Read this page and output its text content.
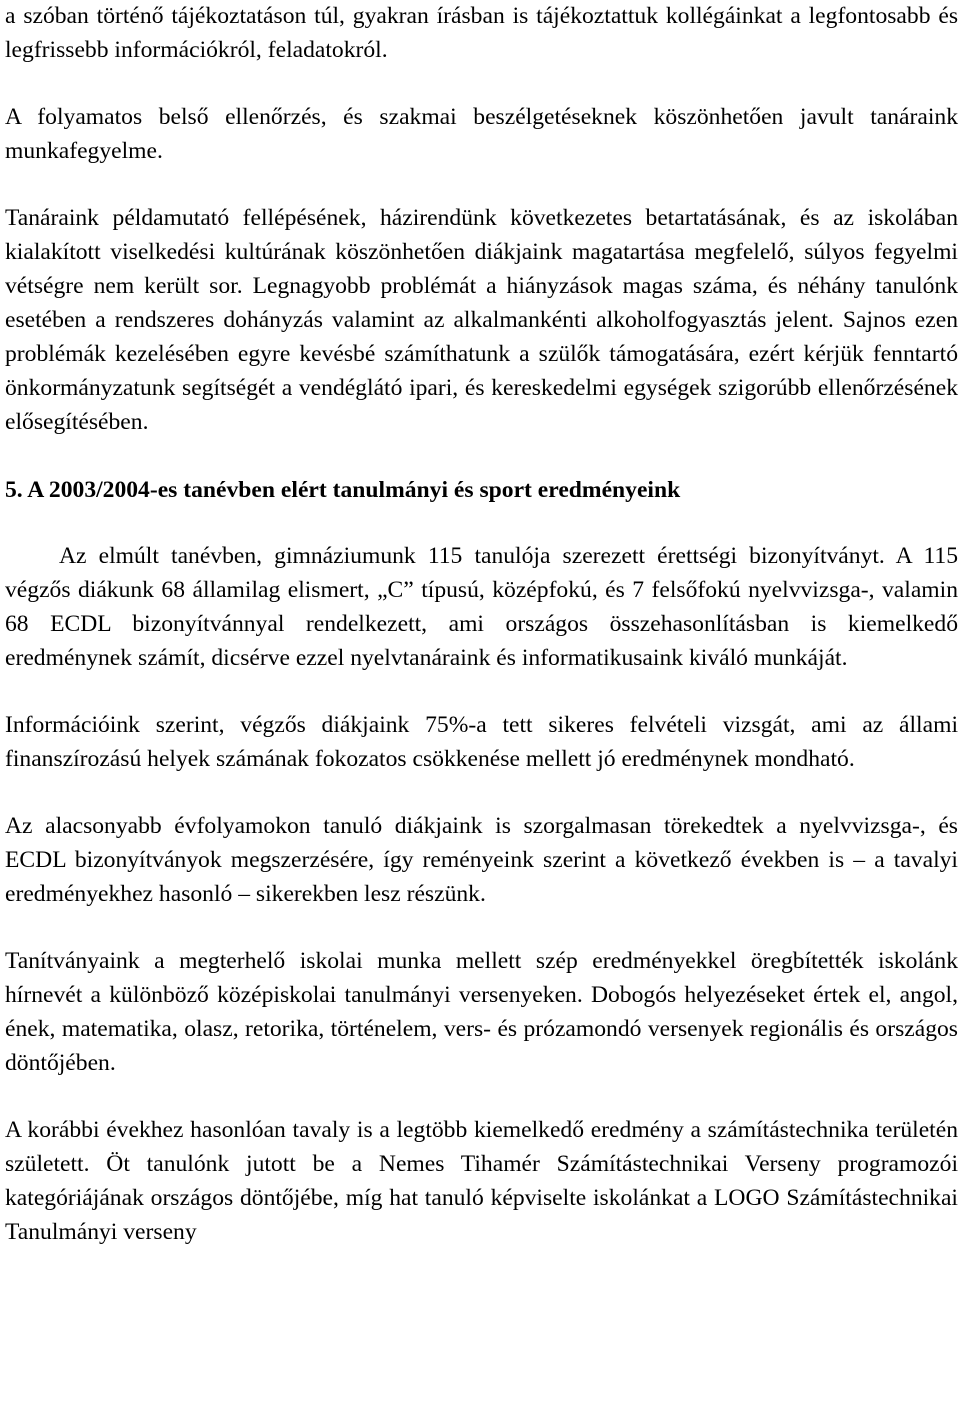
a szóban történő tájékoztatáson túl, gyakran írásban is tájékoztattuk kollégáinkat a legfontosabb és legfrissebb információkról, feladatokról.

A folyamatos belső ellenőrzés, és szakmai beszélgetéseknek köszönhetően javult tanáraink munkafegyelme.

Tanáraink példamutató fellépésének, házirendünk következetes betartatásának, és az iskolában kialakított viselkedési kultúrának köszönhetően diákjaink magatartása megfelelő, súlyos fegyelmi vétségre nem került sor. Legnagyobb problémát a hiányzások magas száma, és néhány tanulónk esetében a rendszeres dohányzás valamint az alkalmankénti alkoholfogyasztás jelent. Sajnos ezen problémák kezelésében egyre kevésbé számíthatunk a szülők támogatására, ezért kérjük fenntartó önkormányzatunk segítségét a vendéglátó ipari, és kereskedelmi egységek szigorúbb ellenőrzésének elősegítésében.

5. A 2003/2004-es tanévben elért tanulmányi és sport eredményeink

Az elmúlt tanévben, gimnáziumunk 115 tanulója szerezett érettségi bizonyítványt. A 115 végzős diákunk 68 államilag elismert, „C” típusú, középfokú, és 7 felsőfokú nyelvvizsga-, valamin 68 ECDL bizonyítvánnyal rendelkezett, ami országos összehasonlításban is kiemelkedő eredménynek számít, dicsérve ezzel nyelvtanáraink és informatikusaink kiváló munkáját.

Információink szerint, végzős diákjaink 75%-a tett sikeres felvételi vizsgát, ami az állami finanszírozású helyek számának fokozatos csökkenése mellett jó eredménynek mondható.

Az alacsonyabb évfolyamokon tanuló diákjaink is szorgalmasan törekedtek a nyelvvizsga-, és ECDL bizonyítványok megszerzésére, így reményeink szerint a következő években is – a tavalyi eredményekhez hasonló – sikerekben lesz részünk.

Tanítványaink a megterhelő iskolai munka mellett szép eredményekkel öregbítették iskolánk hírnevét a különböző középiskolai tanulmányi versenyeken. Dobogós helyezéseket értek el, angol, ének, matematika, olasz, retorika, történelem, vers- és prózamondó versenyek regionális és országos döntőjében.

A korábbi évekhez hasonlóan tavaly is a legtöbb kiemelkedő eredmény a számítástechnika területén született. Öt tanulónk jutott be a Nemes Tihamér Számítástechnikai Verseny programozói kategóriájának országos döntőjébe, míg hat tanuló képviselte iskolánkat a LOGO Számítástechnikai Tanulmányi verseny
